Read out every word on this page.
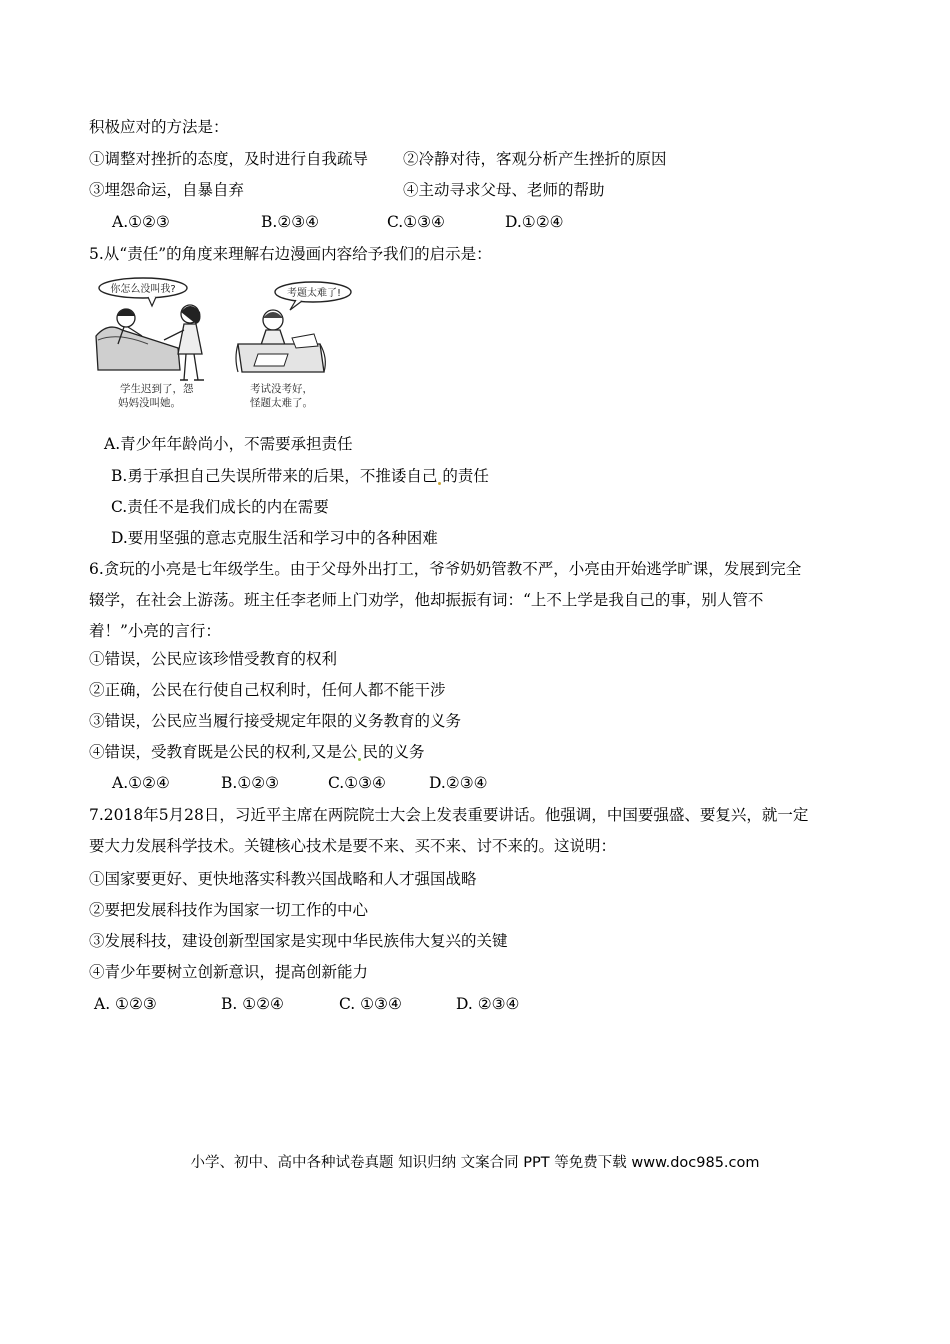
积极应对的方法是：
①调整对挫折的态度，及时进行自我疏导 ②冷静对待，客观分析产生挫折的原因
③埋怨命运，自暴自弃	④主动寻求父母、老师的帮助
A.①②③	B.②③④	C.①③④	D.①②④
5.从“责任”的角度来理解右边漫画内容给予我们的启示是：
你怎么没叫我?
学生迟到了，怨
妈妈没叫她。
考题太难了!
考试没考好，
怪题太难了。
A.青少年年龄尚小，不需要承担责任
B.勇于承担自己失误所带来的后果，不推诿自己 的责任
C.责任不是我们成长的内在需要
D.要用坚强的意志克服生活和学习中的各种困难
6.贪玩的小亮是七年级学生。由于父母外出打工，爷爷奶奶管教不严，小亮由开始逃学旷课，发展到完全
辍学，在社会上游荡。班主任李老师上门劝学，他却振振有词：“上不上学是我自己的事，别人管不
着！”小亮的言行：
①错误，公民应该珍惜受教育的权利
②正确，公民在行使自己权利时，任何人都不能干涉
③错误，公民应当履行接受规定年限的义务教育的义务
④错误，受教育既是公民的权利,又是公 民的义务
A.①②④	B.①②③	C.①③④	D.②③④
7.2018年5月28日，习近平主席在两院院士大会上发表重要讲话。他强调，中国要强盛、要复兴，就一定
要大力发展科学技术。关键核心技术是要不来、买不来、讨不来的。这说明：
①国家要更好、更快地落实科教兴国战略和人才强国战略
②要把发展科技作为国家一切工作的中心
③发展科技，建设创新型国家是实现中华民族伟大复兴的关键
④青少年要树立创新意识，提高创新能力
A. ①②③	B. ①②④	C. ①③④	D. ②③④
小学、初中、高中各种试卷真题 知识归纳 文案合同 PPT 等免费下载 www.doc985.com
